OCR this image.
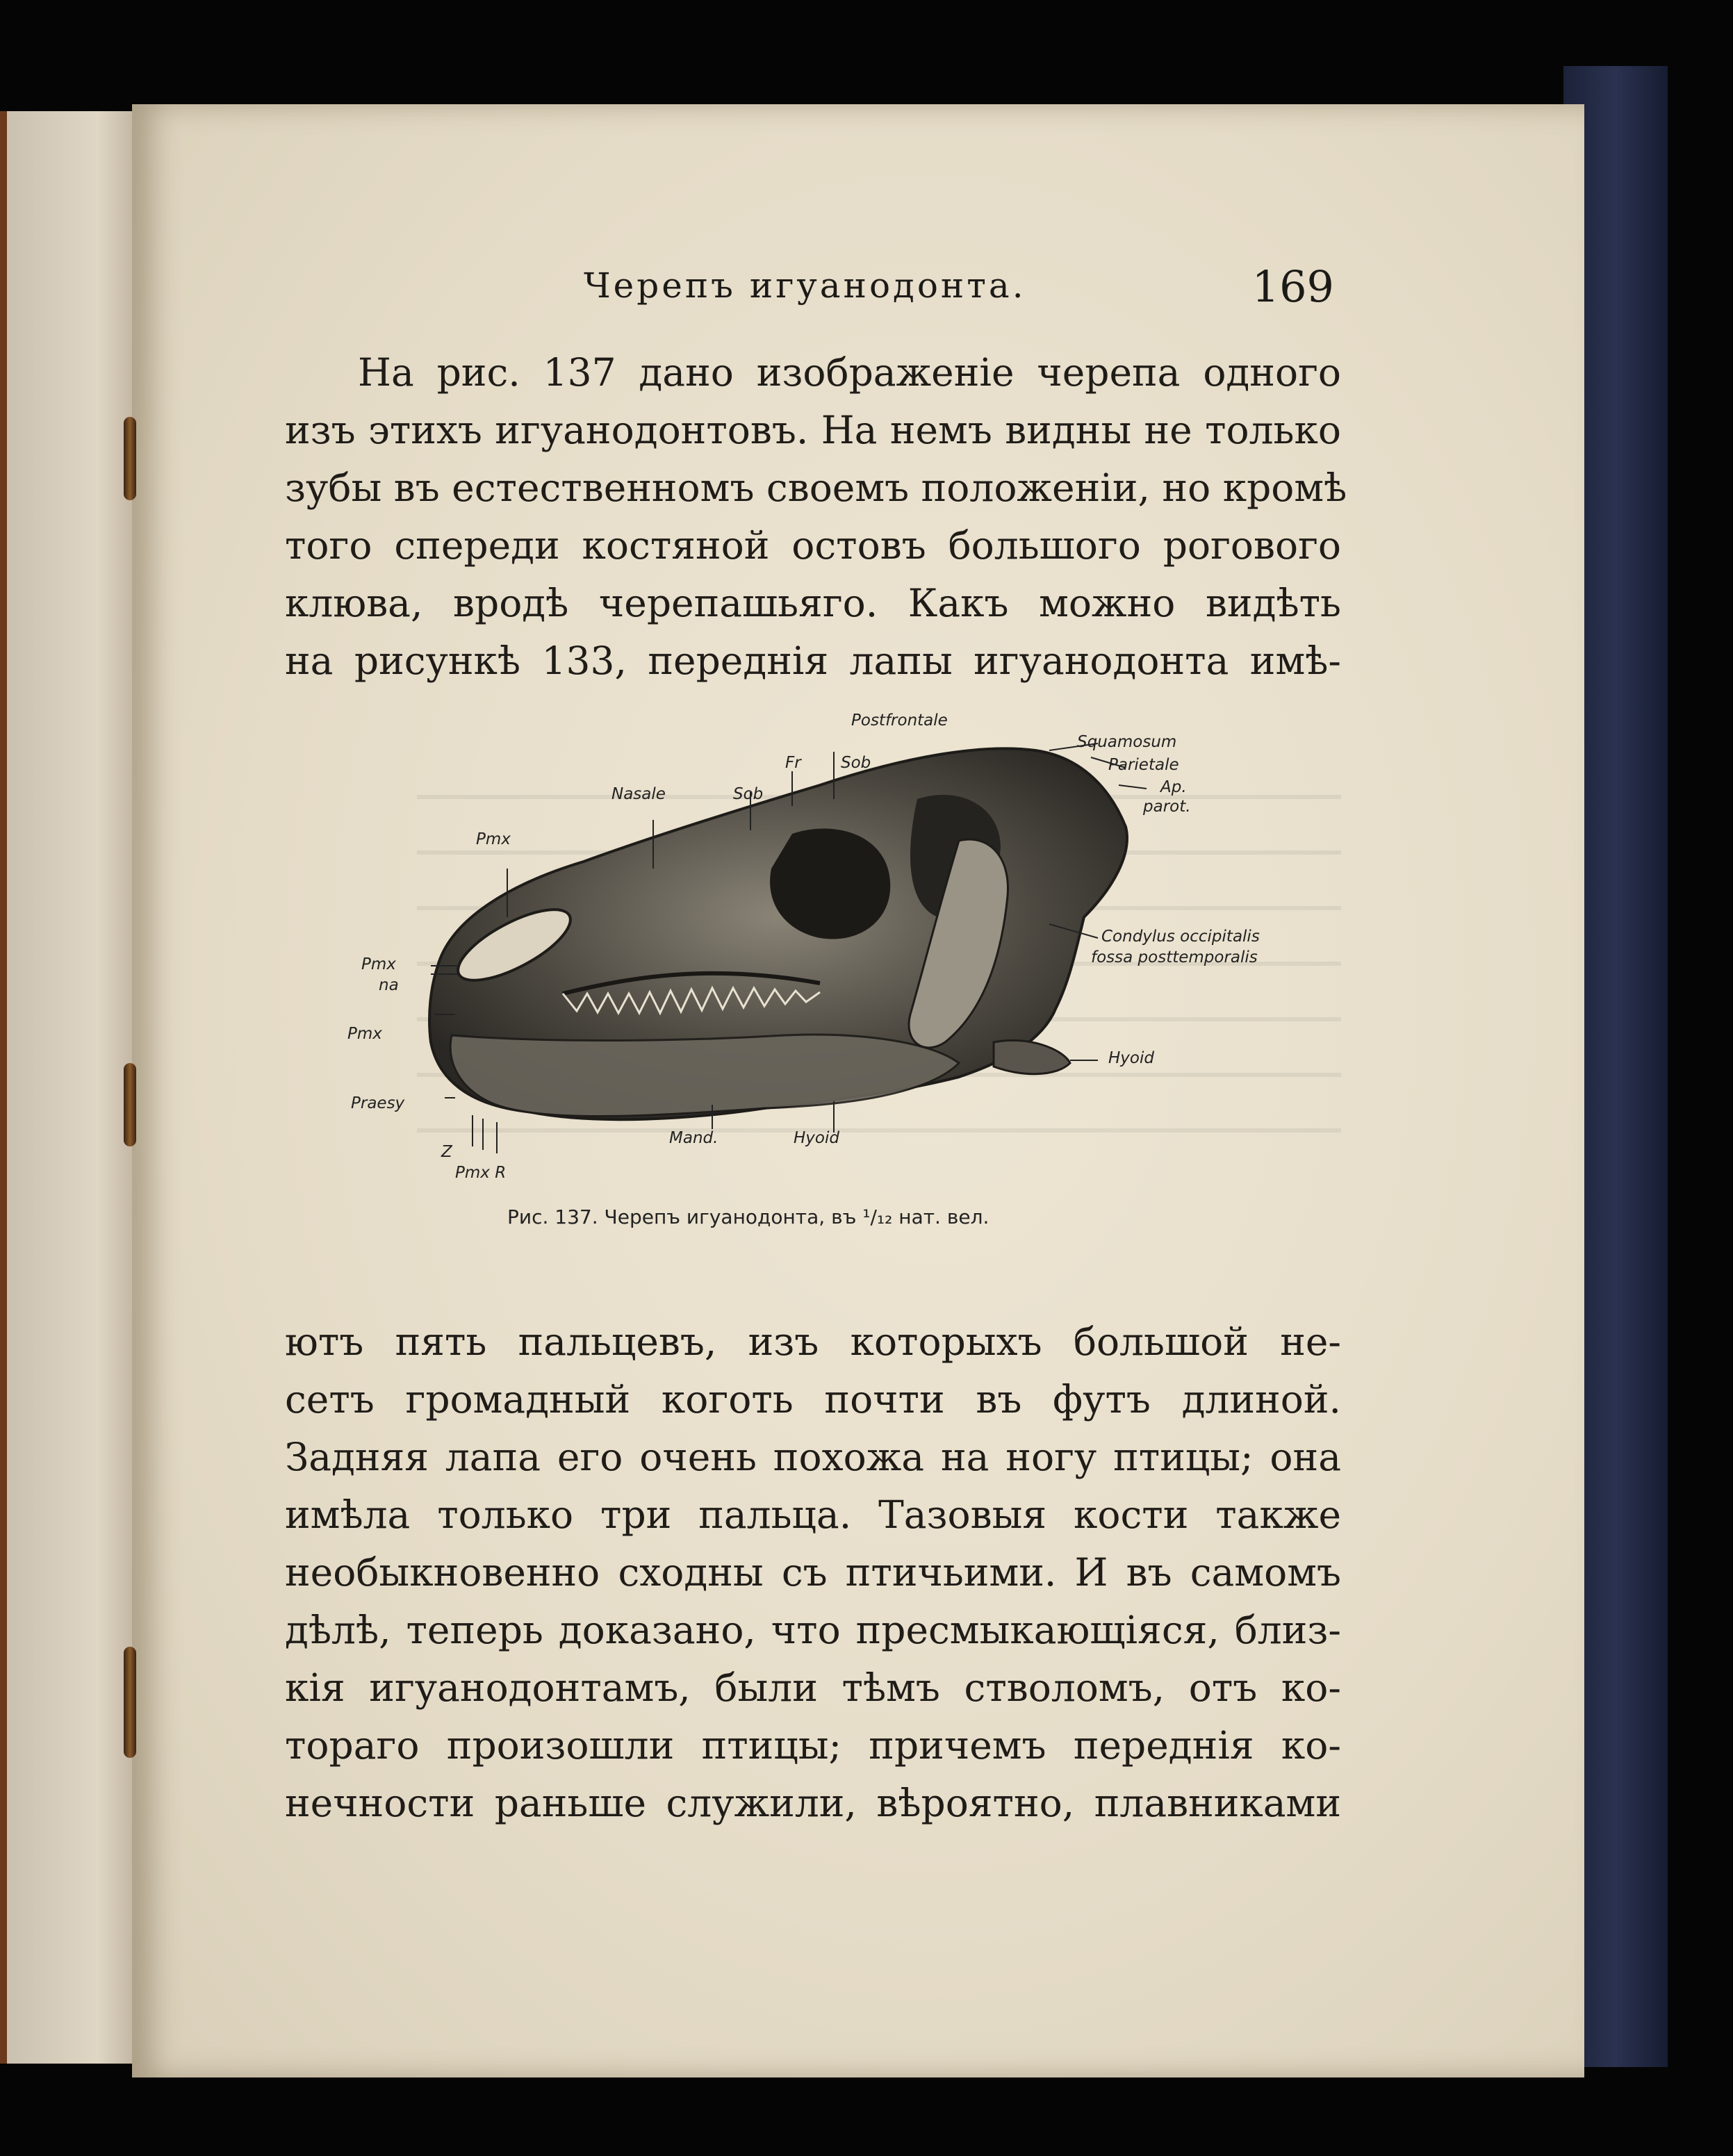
Черепъ игуанодонта.	169
На рис. 137 дано изображеніе черепа одного
изъ этихъ игуанодонтовъ. На немъ видны не только
зубы въ естественномъ своемъ положеніи, но кромѣ
того спереди костяной остовъ большого рогового
клюва, вродѣ черепашьяго. Какъ можно видѣть
на рисункѣ 133, переднія лапы игуанодонта имѣ-
Postfrontale
Squamosum
Parietale
Ap.
parot.
Fr Sob
Sob
Nasale
Pmx
Condylus occipitalis
fossa posttemporalis
Pmx
na
Pmx
Hyoid
Praesy
Mand.	Hyoid
Z
Pmx R
Рис. 137. Черепъ игуанодонта, въ ¹/₁₂ нат. вел.
ютъ пять пальцевъ, изъ которыхъ большой не-
сетъ громадный коготь почти въ футъ длиной.
Задняя лапа его очень похожа на ногу птицы; она
имѣла только три пальца. Тазовыя кости также
необыкновенно сходны съ птичьими. И въ самомъ
дѣлѣ, теперь доказано, что пресмыкающіяся, близ-
кія игуанодонтамъ, были тѣмъ стволомъ, отъ ко-
тораго произошли птицы; причемъ переднія ко-
нечности раньше служили, вѣроятно, плавниками
